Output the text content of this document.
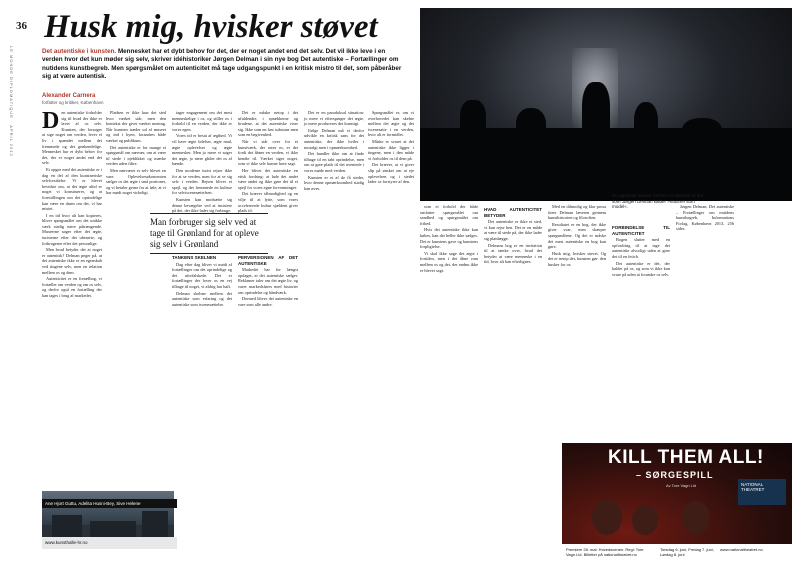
LE MONDE DIPLOMATIQUE · APRIL 2013
36 Husk mig, hvisker støvet

Det autentiske i kunsten. Mennesket har et dybt behov for det, der er noget andet end det selv. Det vil ikke leve i en verden hvor det kun møder sig selv, skriver idéhistoriker Jørgen Delman i sin nye bog Det autentiske – Fortællinger om nutidens kunstbegreb. Men spørgsmålet om autenticitet må tage udgangspunkt i en kritisk mistro til det, som påberåber sig at være autentisk.

Alexander Carnera
forfatter og kritiker, København

Den autentiske forholder sig til hvad der ikke er lavet af os selv. Kunsten, der forsøger at sige noget om verden, lever et liv i spændet mellem det fremmede og det genkendelige. Mennesket har et dybt behov for det, der er noget andet end det selv.

Et opgør med det autentiske er i dag en del af den kunstneriske selvforståelse. Vi er blevet bevidste om, at det ægte altid er noget vi konstruerer, og at forestillingen om det oprindelige kan være en drøm om det, vi har mistet.

I en tid hvor alt kan kopieres, bliver spørgsmålet om det unikke værk stadig mere påtrængende. Museerne søger efter det ægte, turisterne efter det uberørte, og forbrugerne efter det personlige.

Men hvad betyder det at noget er autentisk? Delman peger på, at det autentiske ikke er en egenskab ved tingene selv, men en relation mellem os og dem.

Autenticitet er en fortælling, vi fortæller om verden og om os selv, og derfor også en fortælling der kan tages i brug af markedet.

Pladsen er ikke kun det sted hvor værket står, men den kontekst der giver værket mening. Når kunsten træder ud af museet og ind i byen, forandres både værket og publikum.

Det autentiske er for mange et spørgsmål om nærvær, om at være til stede i øjeblikket og mærke verden uden filtre.

Men nærværet er selv blevet en vare. Oplevelsesøkonomien sælger os det ægte i små portioner, og vi betaler gerne for at føle, at vi har mødt noget virkeligt.

tager engagement om det mest menneskelige i os, og stiller os i forhold til en verden, der ikke er vores egen.

Vores tid er besat af ægthed. Vi vil have ægte følelser, ægte mad, ægte oplevelser og ægte mennesker. Men jo mere vi søger det ægte, jo mere glider det os af hænde.

Den moderne turist rejser ikke for at se verden, men for at se sig selv i verden. Rejsen bliver et spejl, og det fremmede en kulisse for selviscenesættelsen.

Kunsten kan modsætte sig denne bevægelse ved at insistere på det, der ikke lader sig forbruge.

TANKENS SKELNEN

Dag efter dag bliver vi mødt af fortællinger om det oprindelige og det uforfalskede. Det er fortællinger der lover os en vej tilbage til noget, vi aldrig har haft.

Delman skelner mellem det autentiske som erfaring og det autentiske som iscenesættelse.

Det er måske netop i det ufuldendte, i sprækkerne og brudene, at det autentiske viser sig. Ikke som en fast substans men som en begivenhed.

Når vi står over for et kunstværk, der rører os, er det fordi det åbner en verden, vi ikke kendte til. Værket siger noget, som vi ikke selv kunne have sagt.

Her bliver det autentiske en etisk fordring: at lade det andet være andet og ikke gøre det til et spejl for vores egne forventninger.

Det kræver tålmodighed og en vilje til at lytte, som vores accelererede kultur sjældent giver plads til.

PERVERSIONEN AF DET AUTENTISKE

Markedet har for længst opdaget, at det autentiske sælger. Reklamer taler om det ægte liv, og varer markedsføres med historier om oprindelse og håndværk.

Dermed bliver det autentiske en vare som alle andre.

Det er en paradoksal situation: jo mere vi efterspørger det ægte, jo mere produceres det kunstigt.

Ifølge Delman må vi derfor udvikle en kritisk sans for det autentiske, der ikke hviler i nostalgi men i opmærksomhed.

Det handler ikke om at finde tilbage til en tabt oprindelse, men om at gøre plads til det uventede i vores møde med verden.

Kunsten er et af de få steder, hvor denne opmærksomhed stadig kan øves.

Spørgsmålet er, om vi overhovedet kan skelne mellem det ægte og det iscenesatte i en verden, hvor alt er formidlet.

Måske er svaret at det autentiske ikke ligger i tingene, men i den måde vi forholder os til dem på.

Det kræver, at vi giver slip på ønsket om at eje oplevelsen og i stedet lader os forstyrre af den.

Man forbruger sig selv ved at tage til Grønland for at opleve sig selv i Grønland
Ane Hjort Guttu, Adelita Husni-Bey, Sive Helene
www.kunsthalle-hr.no
De øgenlate statuer rummer et element af det som Jørgen Delman kalder »naturen som model«.

som et forhold der både omfatter spørgsmålet om sandhed og spørgsmålet om frihed.

Hvis det autentiske ikke kan købes, kan det heller ikke sælges. Det er kunstens gave og kunstens forpligtelse.

Vi skal ikke søge det ægte i fortiden, men i det åbne rum mellem os og det, der endnu ikke er blevet sagt.

HVAD AUTENTICITET BETYDER

Det autentiske er ikke et sted, vi kan rejse hen. Det er en måde at være til stede på, der ikke lader sig planlægge.

Delmans bog er en invitation til at tænke over, hvad det betyder at være menneske i en tid, hvor alt kan efterlignes.

Med en tålmodig og klar prosa fører Delman læseren gennem kunsthistorien og filosofien.

Resultatet er en bog, der ikke giver svar, men skærper spørgsmålene. Og det er måske det mest autentiske en bog kan gøre.

Husk mig, hvisker støvet. Og det er netop det, kunsten gør: den husker for os.

FORBINDELSE TIL AUTENTICITET

Bogen slutter med en opfordring til at tage det autentiske alvorligt uden at gøre det til en fetich.

Det autentiske er det, der kalder på os, og som vi ikke kan svare på uden at forandre os selv.

Jørgen Delman, Det autentiske – Fortællinger om nutidens kunstbegreb, Informations Forlag, København 2013, 256 sider.

KILL THEM ALL!
– SØRGESPILL
Av Tore Vagn Lid	NATIONAL THEATRET
Premiere 28. mai. Hovedscenen. Regi: Tore Vagn Lid. Billetter på nationaltheatret.no
Torsdag 6. juni, Fredag 7. juni, Lørdag 8. juni
www.nationaltheatret.no
